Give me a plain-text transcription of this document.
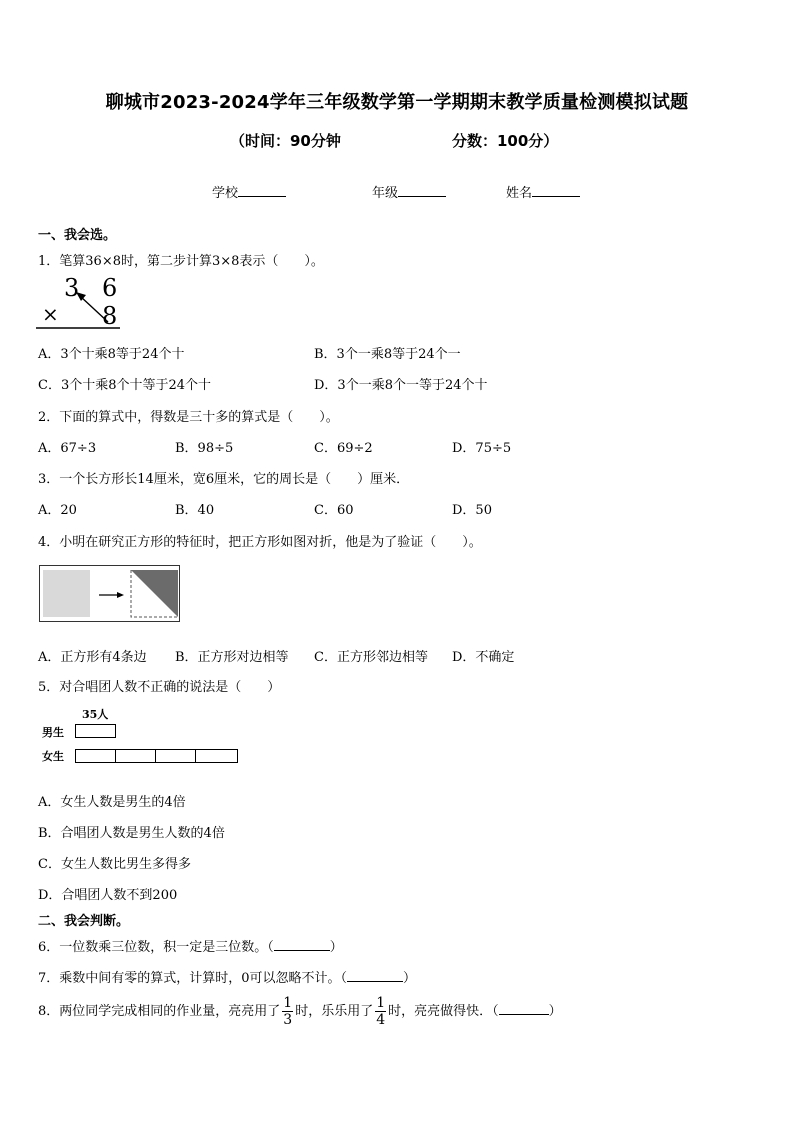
聊城市2023-2024学年三年级数学第一学期期末教学质量检测模拟试题
（时间：90分钟	分数：100分）
学校	年级	姓名
一、我会选。
1．笔算36×8时，第二步计算3×8表示（　　）。
3 6
× 8
A．3个十乘8等于24个十	B．3个一乘8等于24个一
C．3个十乘8个十等于24个十	D．3个一乘8个一等于24个十
2．下面的算式中，得数是三十多的算式是（　　）。
A．67÷3	B．98÷5	C．69÷2	D．75÷5
3．一个长方形长14厘米，宽6厘米，它的周长是（　　）厘米．
A．20	B．40	C．60	D．50
4．小明在研究正方形的特征时，把正方形如图对折，他是为了验证（　　）。
A．正方形有4条边 B．正方形对边相等 C．正方形邻边相等 D．不确定
5．对合唱团人数不正确的说法是（　　）
35人
男生
女生
A．女生人数是男生的4倍
B．合唱团人数是男生人数的4倍
C．女生人数比男生多得多
D．合唱团人数不到200
二、我会判断。
6．一位数乘三位数，积一定是三位数。（	）
7．乘数中间有零的算式，计算时，0可以忽略不计。（	）
8．两位同学完成相同的作业量，亮亮用了 $\frac{1}{3}$ 时，乐乐用了 $\frac{1}{4}$ 时，亮亮做得快．（	）
